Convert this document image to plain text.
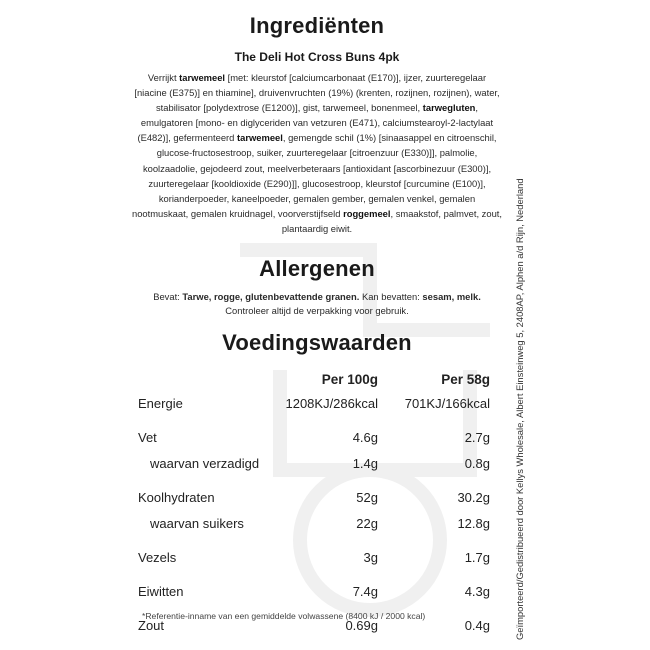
Ingrediënten
The Deli Hot Cross Buns 4pk
Verrijkt tarwemeel [met: kleurstof [calciumcarbonaat (E170)], ijzer, zuurteregelaar [niacine (E375)] en thiamine], druivenvruchten (19%) (krenten, rozijnen, rozijnen), water, stabilisator [polydextrose (E1200)], gist, tarwemeel, bonenmeel, tarwegluten, emulgatoren [mono- en diglyceriden van vetzuren (E471), calciumstearoyl-2-lactylaat (E482)], gefermenteerd tarwemeel, gemengde schil (1%) [sinaasappel en citroenschil, glucose-fructosestroop, suiker, zuurteregelaar [citroenzuur (E330)]], palmolie, koolzaadolie, gejodeerd zout, meelverbeteraars [antioxidant [ascorbinezuur (E300)], zuurteregelaar [kooldioxide (E290)]], glucosestroop, kleurstof [curcumine (E100)], korianderpoeder, kaneelpoeder, gemalen gember, gemalen venkel, gemalen nootmuskaat, gemalen kruidnagel, voorverstijfseld roggemeel, smaakstof, palmvet, zout, plantaardig eiwit.
Allergenen
Bevat: Tarwe, rogge, glutenbevattende granen. Kan bevatten: sesam, melk.
Controleer altijd de verpakking voor gebruik.
Voedingswaarden
	Per 100g	Per 58g
Energie	1208KJ/286kcal	701KJ/166kcal

Vet	4.6g	2.7g
waarvan verzadigd	1.4g	0.8g

Koolhydraten	52g	30.2g
waarvan suikers	22g	12.8g

Vezels	3g	1.7g

Eiwitten	7.4g	4.3g

Zout	0.69g	0.4g
*Referentie-inname van een gemiddelde volwassene (8400 kJ / 2000 kcal)	Geïmporteerd/Gedistribueerd door Kellys Wholesale, Albert Einsteinweg 5, 2408AP, Alphen a/d Rijn, Nederland
